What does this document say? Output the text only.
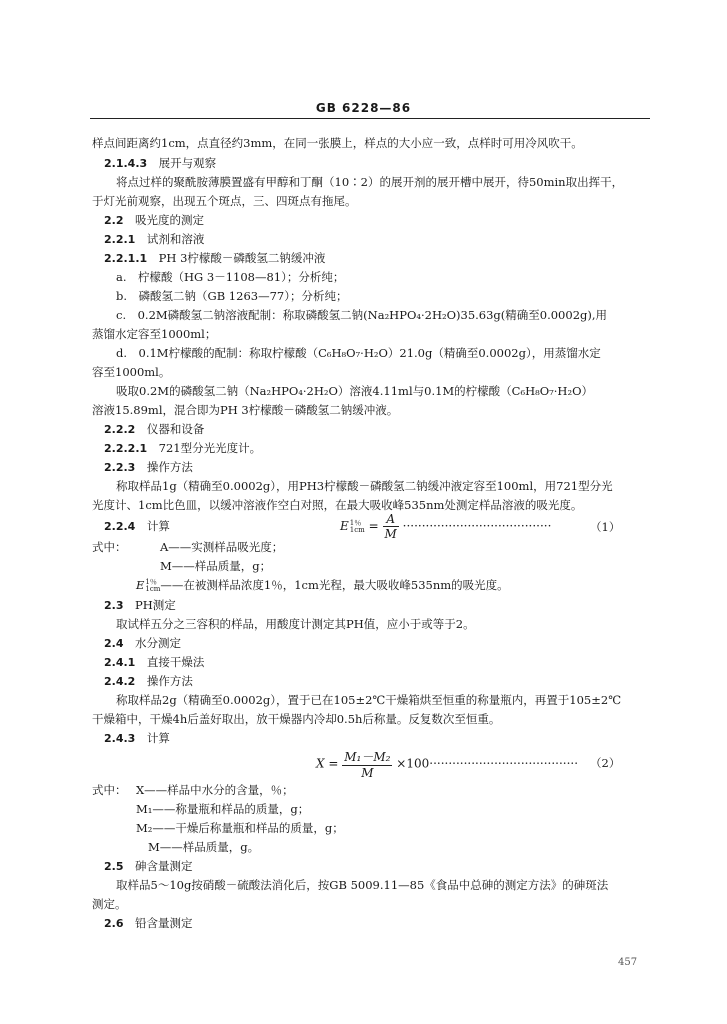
GB 6228—86
样点间距离约1cm，点直径约3mm，在同一张膜上，样点的大小应一致，点样时可用冷风吹干。
2.1.4.3　 展开与观察
将点过样的聚酰胺薄膜置盛有甲醇和丁酮（10∶2）的展开剂的展开槽中展开，待50min取出挥干，
于灯光前观察，出现五个斑点，三、四斑点有拖尾。
2.2　 吸光度的测定
2.2.1　 试剂和溶液
2.2.1.1　 PH 3柠檬酸－磷酸氢二钠缓冲液
a.　柠檬酸（HG 3－1108—81）；分析纯；
b.　磷酸氢二钠（GB 1263—77）；分析纯；
c.　0.2M磷酸氢二钠溶液配制：称取磷酸氢二钠(Na₂HPO₄·2H₂O)35.63g(精确至0.0002g),用
蒸馏水定容至1000ml；
d.　0.1M柠檬酸的配制：称取柠檬酸（C₆H₈O₇·H₂O）21.0g（精确至0.0002g），用蒸馏水定
容至1000ml。
吸取0.2M的磷酸氢二钠（Na₂HPO₄·2H₂O）溶液4.11ml与0.1M的柠檬酸（C₆H₈O₇·H₂O）
溶液15.89ml，混合即为PH 3柠檬酸－磷酸氢二钠缓冲液。
2.2.2　 仪器和设备
2.2.2.1　 721型分光光度计。
2.2.3　 操作方法
称取样品1g（精确至0.0002g），用PH3柠檬酸－磷酸氢二钠缓冲液定容至100ml，用721型分光
光度计、1cm比色皿，以缓冲溶液作空白对照，在最大吸收峰535nm处测定样品溶液的吸光度。
2.2.4　 计算	E1％
$1cm = \frac{A}{M}$ ·······································	（1）
式中：	A——实测样品吸光度；
M——样品质量，g；
E1％
1cm——在被测样品浓度1％，1cm光程，最大吸收峰535nm的吸光度。
2.3　 PH测定
取试样五分之三容积的样品，用酸度计测定其PH值，应小于或等于2。
2.4　 水分测定
2.4.1　 直接干燥法
2.4.2　 操作方法
称取样品2g（精确至0.0002g），置于已在105±2℃干燥箱烘至恒重的称量瓶内，再置于105±2℃
干燥箱中，干燥4h后盖好取出，放干燥器内冷却0.5h后称量。反复数次至恒重。
2.4.3　 计算
$X = \frac{\text{M₁－M₂}}{M} \times 100\cdot\cdot\cdot\cdot\cdot\cdot\cdot\cdot\cdot\cdot\cdot\cdot\cdot\cdot\cdot\cdot\cdot\cdot\cdot\cdot\cdot\cdot\cdot\cdot\cdot\cdot\cdot\cdot\cdot\cdot\cdot\cdot\cdot\cdot\cdot\cdot\cdot\cdot\cdot (2)$
式中： X——样品中水分的含量，％；
M₁——称量瓶和样品的质量，g；
M₂——干燥后称量瓶和样品的质量，g；
M——样品质量，g。
2.5　 砷含量测定
取样品5～10g按硝酸－硫酸法消化后，按GB 5009.11—85《食品中总砷的测定方法》的砷斑法
测定。
2.6　 铅含量测定
457
